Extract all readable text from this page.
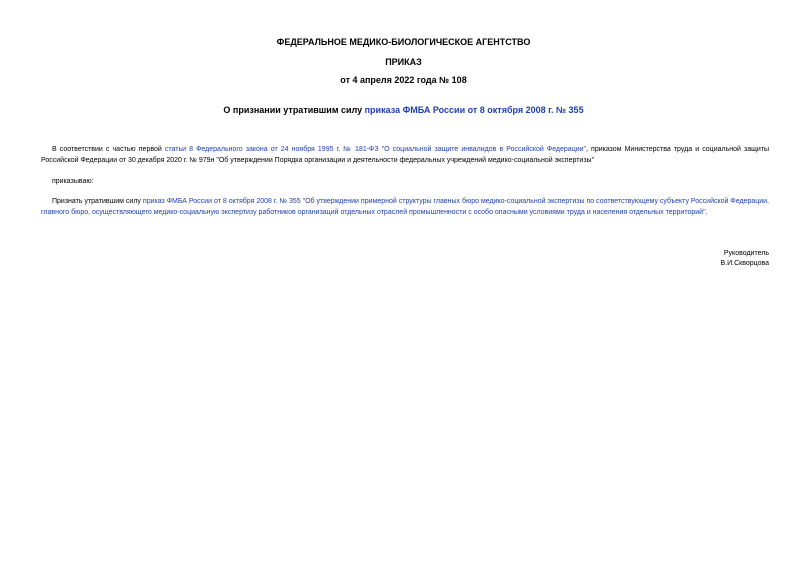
ФЕДЕРАЛЬНОЕ МЕДИКО-БИОЛОГИЧЕСКОЕ АГЕНТСТВО
ПРИКАЗ
от 4 апреля 2022 года № 108
О признании утратившим силу приказа ФМБА России от 8 октября 2008 г. № 355
В соответствии с частью первой статьи 8 Федерального закона от 24 ноября 1995 г. № 181-ФЗ "О социальной защите инвалидов в Российской Федерации", приказом Министерства труда и социальной защиты Российской Федерации от 30 декабря 2020 г. № 979н "Об утверждении Порядка организации и деятельности федеральных учреждений медико-социальной экспертизы"
приказываю:
Признать утратившим силу приказ ФМБА России от 8 октября 2008 г. № 355 "Об утверждении примерной структуры главных бюро медико-социальной экспертизы по соответствующему субъекту Российской Федерации, главного бюро, осуществляющего медико-социальную экспертизу работников организаций отдельных отраслей промышленности с особо опасными условиями труда и населения отдельных территорий".
Руководитель
В.И.Скворцова
